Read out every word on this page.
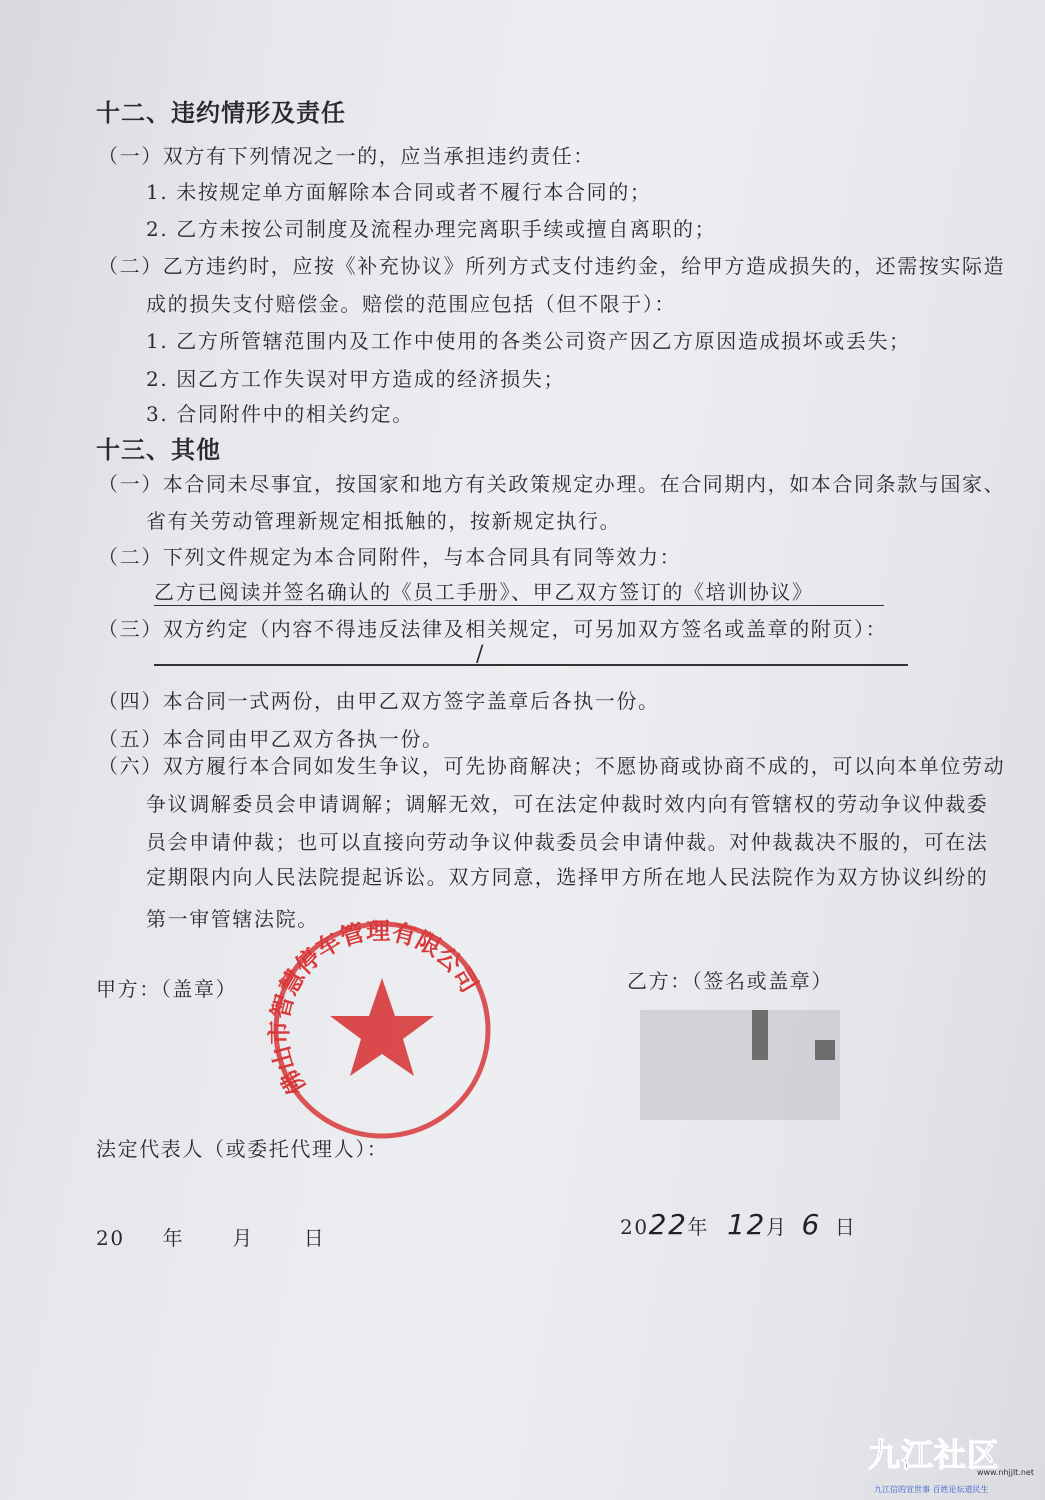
十二、违约情形及责任
（一）双方有下列情况之一的，应当承担违约责任：
1. 未按规定单方面解除本合同或者不履行本合同的；
2. 乙方未按公司制度及流程办理完离职手续或擅自离职的；
（二）乙方违约时，应按《补充协议》所列方式支付违约金，给甲方造成损失的，还需按实际造
成的损失支付赔偿金。赔偿的范围应包括（但不限于）：
1. 乙方所管辖范围内及工作中使用的各类公司资产因乙方原因造成损坏或丢失；
2. 因乙方工作失误对甲方造成的经济损失；
3. 合同附件中的相关约定。
十三、其他
（一）本合同未尽事宜，按国家和地方有关政策规定办理。在合同期内，如本合同条款与国家、
省有关劳动管理新规定相抵触的，按新规定执行。
（二）下列文件规定为本合同附件，与本合同具有同等效力：
乙方已阅读并签名确认的《员工手册》、甲乙双方签订的《培训协议》
（三）双方约定（内容不得违反法律及相关规定，可另加双方签名或盖章的附页）：
/
（四）本合同一式两份，由甲乙双方签字盖章后各执一份。
（五）本合同由甲乙双方各执一份。
（六）双方履行本合同如发生争议，可先协商解决；不愿协商或协商不成的，可以向本单位劳动
争议调解委员会申请调解；调解无效，可在法定仲裁时效内向有管辖权的劳动争议仲裁委
员会申请仲裁；也可以直接向劳动争议仲裁委员会申请仲裁。对仲裁裁决不服的，可在法
定期限内向人民法院提起诉讼。双方同意，选择甲方所在地人民法院作为双方协议纠纷的
第一审管辖法院。
甲方：（盖章）	乙方：（签名或盖章）
佛山市智慧停车管理有限公司
法定代表人（或委托代理人）：
20 年 月 日	2022年 12月 6 日
九江社区
www.nhjjlt.net
九江信的宣世事 百姓论坛道民生
